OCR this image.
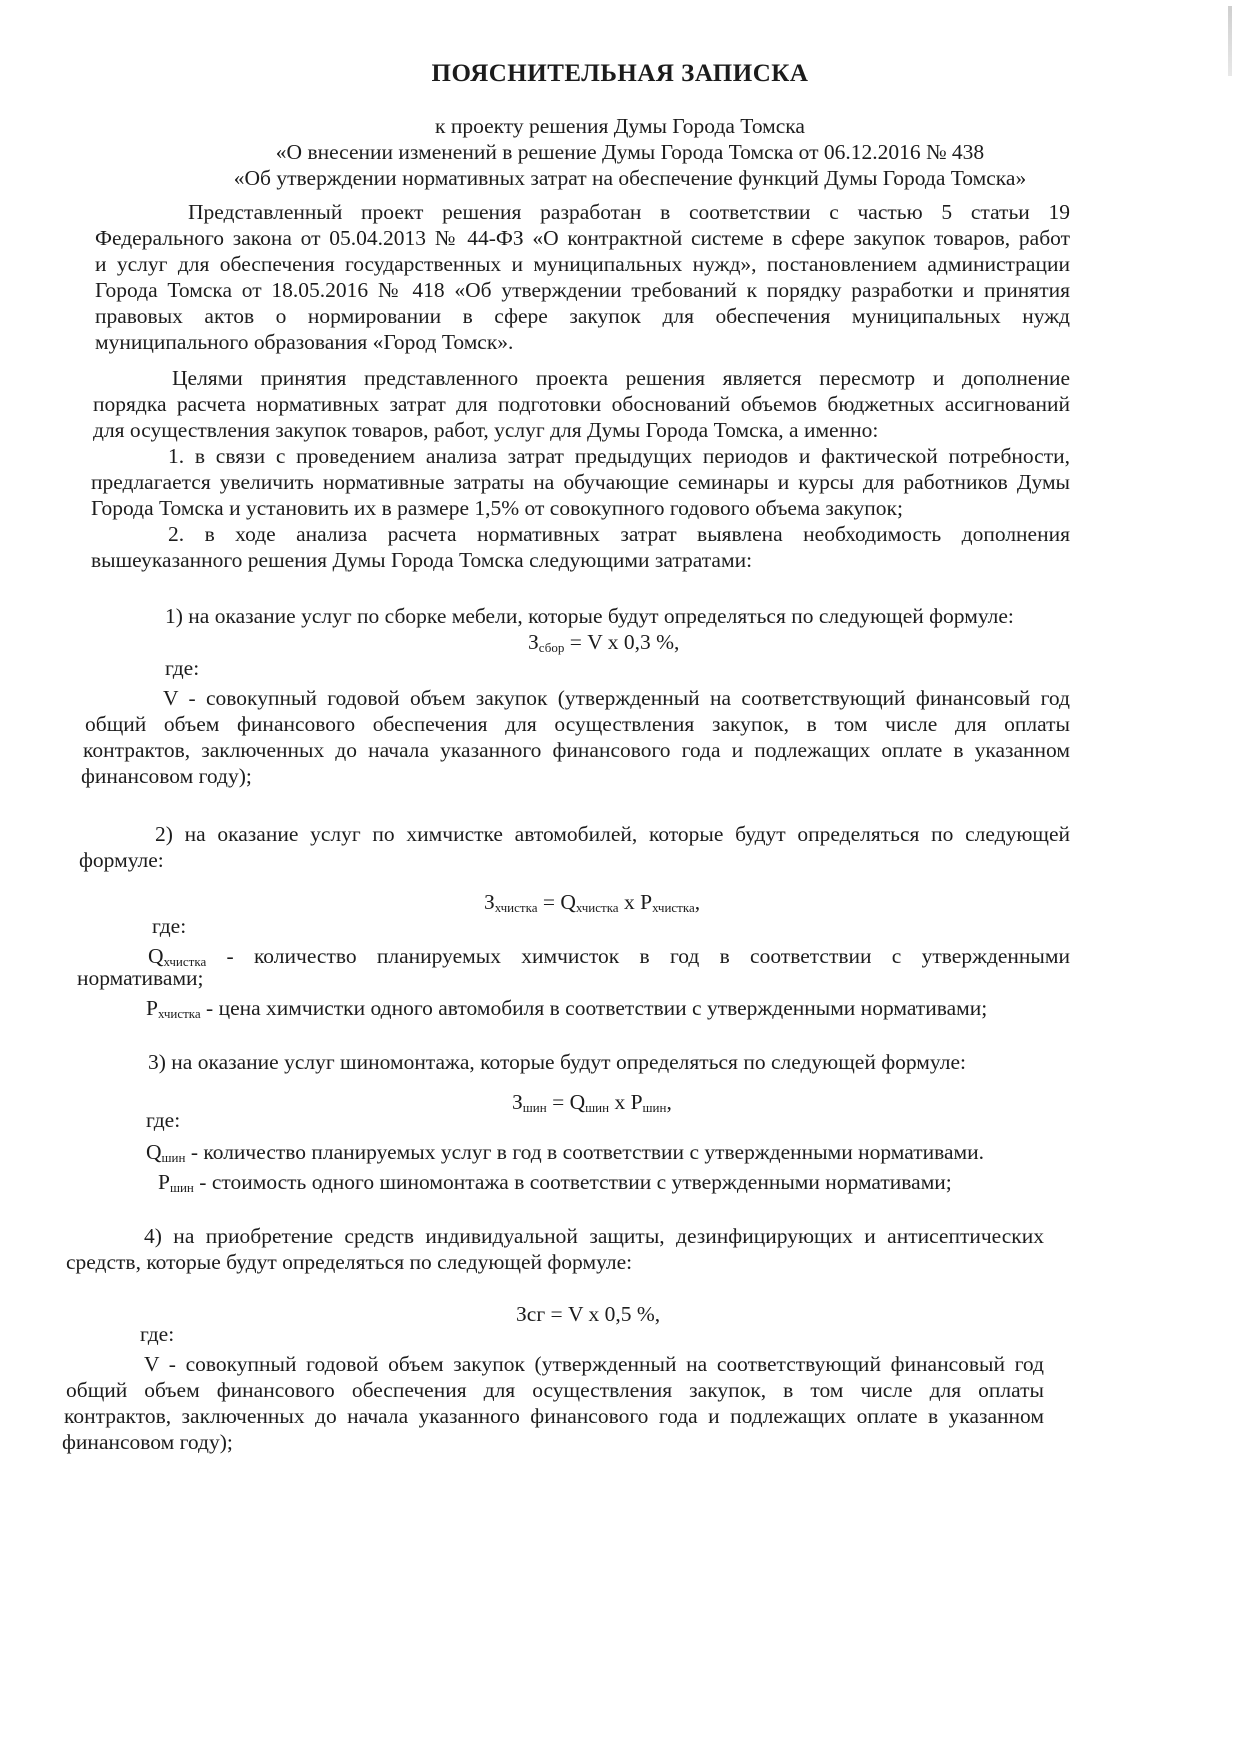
ПОЯСНИТЕЛЬНАЯ ЗАПИСКА
к проекту решения Думы Города Томска
«О внесении изменений в решение Думы Города Томска от 06.12.2016 № 438
«Об утверждении нормативных затрат на обеспечение функций Думы Города Томска»
Представленный проект решения разработан в соответствии с частью 5 статьи 19
Федерального закона от 05.04.2013 № 44-ФЗ «О контрактной системе в сфере закупок товаров, работ
и услуг для обеспечения государственных и муниципальных нужд», постановлением администрации
Города Томска от 18.05.2016 № 418 «Об утверждении требований к порядку разработки и принятия
правовых актов о нормировании в сфере закупок для обеспечения муниципальных нужд
муниципального образования «Город Томск».
Целями принятия представленного проекта решения является пересмотр и дополнение
порядка расчета нормативных затрат для подготовки обоснований объемов бюджетных ассигнований
для осуществления закупок товаров, работ, услуг для Думы Города Томска, а именно:
1. в связи с проведением анализа затрат предыдущих периодов и фактической потребности,
предлагается увеличить нормативные затраты на обучающие семинары и курсы для работников Думы
Города Томска и установить их в размере 1,5% от совокупного годового объема закупок;
2. в ходе анализа расчета нормативных затрат выявлена необходимость дополнения
вышеуказанного решения Думы Города Томска следующими затратами:
1) на оказание услуг по сборке мебели, которые будут определяться по следующей формуле:
$З_{сбор} = V$ х 0,3 %,
где:
V - совокупный годовой объем закупок (утвержденный на соответствующий финансовый год
общий объем финансового обеспечения для осуществления закупок, в том числе для оплаты
контрактов, заключенных до начала указанного финансового года и подлежащих оплате в указанном
финансовом году);
2) на оказание услуг по химчистке автомобилей, которые будут определяться по следующей
формуле:
$З_{хчистка} = Q_{хчистка}$ х $P_{хчистка}$,
где:
$Q_{хчистка}$ - количество планируемых химчисток в год в соответствии с утвержденными
нормативами;
$P_{хчистка}$ - цена химчистки одного автомобиля в соответствии с утвержденными нормативами;
3) на оказание услуг шиномонтажа, которые будут определяться по следующей формуле:
$З_{шин} = Q_{шин}$ х $P_{шин}$,
где:
$Q_{шин}$ - количество планируемых услуг в год в соответствии с утвержденными нормативами.
$P_{шин}$ - стоимость одного шиномонтажа в соответствии с утвержденными нормативами;
4) на приобретение средств индивидуальной защиты, дезинфицирующих и антисептических
средств, которые будут определяться по следующей формуле:
Зсг = V х 0,5 %,
где:
V - совокупный годовой объем закупок (утвержденный на соответствующий финансовый год
общий объем финансового обеспечения для осуществления закупок, в том числе для оплаты
контрактов, заключенных до начала указанного финансового года и подлежащих оплате в указанном
финансовом году);
